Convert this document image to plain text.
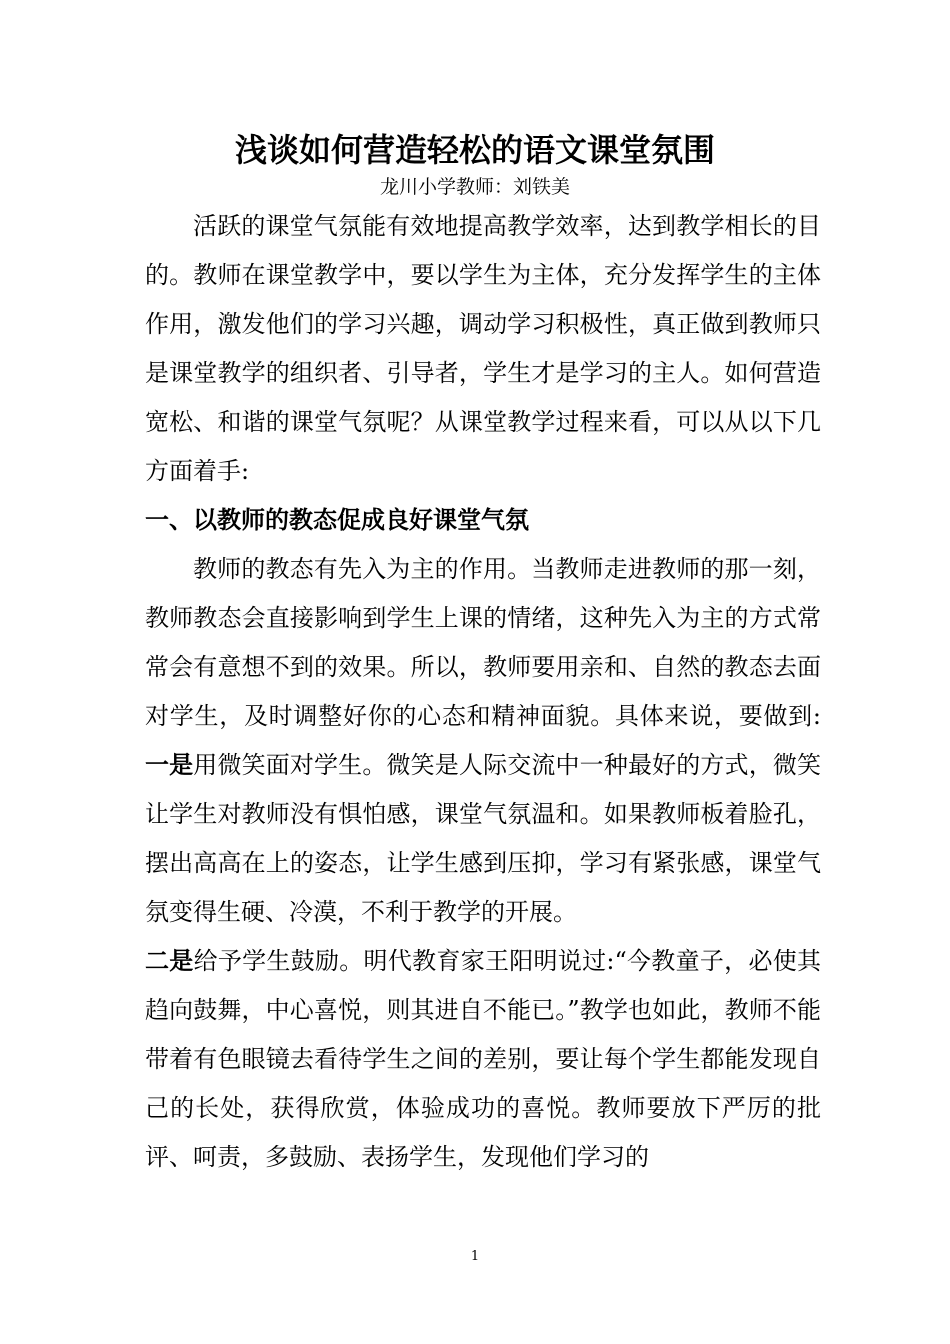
浅谈如何营造轻松的语文课堂氛围
龙川小学教师：刘铁美

活跃的课堂气氛能有效地提高教学效率，达到教学相长的目的。教师在课堂教学中，要以学生为主体，充分发挥学生的主体作用，激发他们的学习兴趣，调动学习积极性，真正做到教师只是课堂教学的组织者、引导者，学生才是学习的主人。如何营造宽松、和谐的课堂气氛呢？从课堂教学过程来看，可以从以下几方面着手:

一、以教师的教态促成良好课堂气氛

教师的教态有先入为主的作用。当教师走进教师的那一刻，教师教态会直接影响到学生上课的情绪，这种先入为主的方式常常会有意想不到的效果。所以，教师要用亲和、自然的教态去面对学生，及时调整好你的心态和精神面貌。具体来说，要做到:一是用微笑面对学生。微笑是人际交流中一种最好的方式，微笑让学生对教师没有惧怕感，课堂气氛温和。如果教师板着脸孔，摆出高高在上的姿态，让学生感到压抑，学习有紧张感，课堂气氛变得生硬、冷漠，不利于教学的开展。

二是给予学生鼓励。明代教育家王阳明说过:“今教童子，必使其趋向鼓舞，中心喜悦，则其进自不能已。”教学也如此，教师不能带着有色眼镜去看待学生之间的差别，要让每个学生都能发现自己的长处，获得欣赏，体验成功的喜悦。教师要放下严厉的批评、呵责，多鼓励、表扬学生，发现他们学习的
1
